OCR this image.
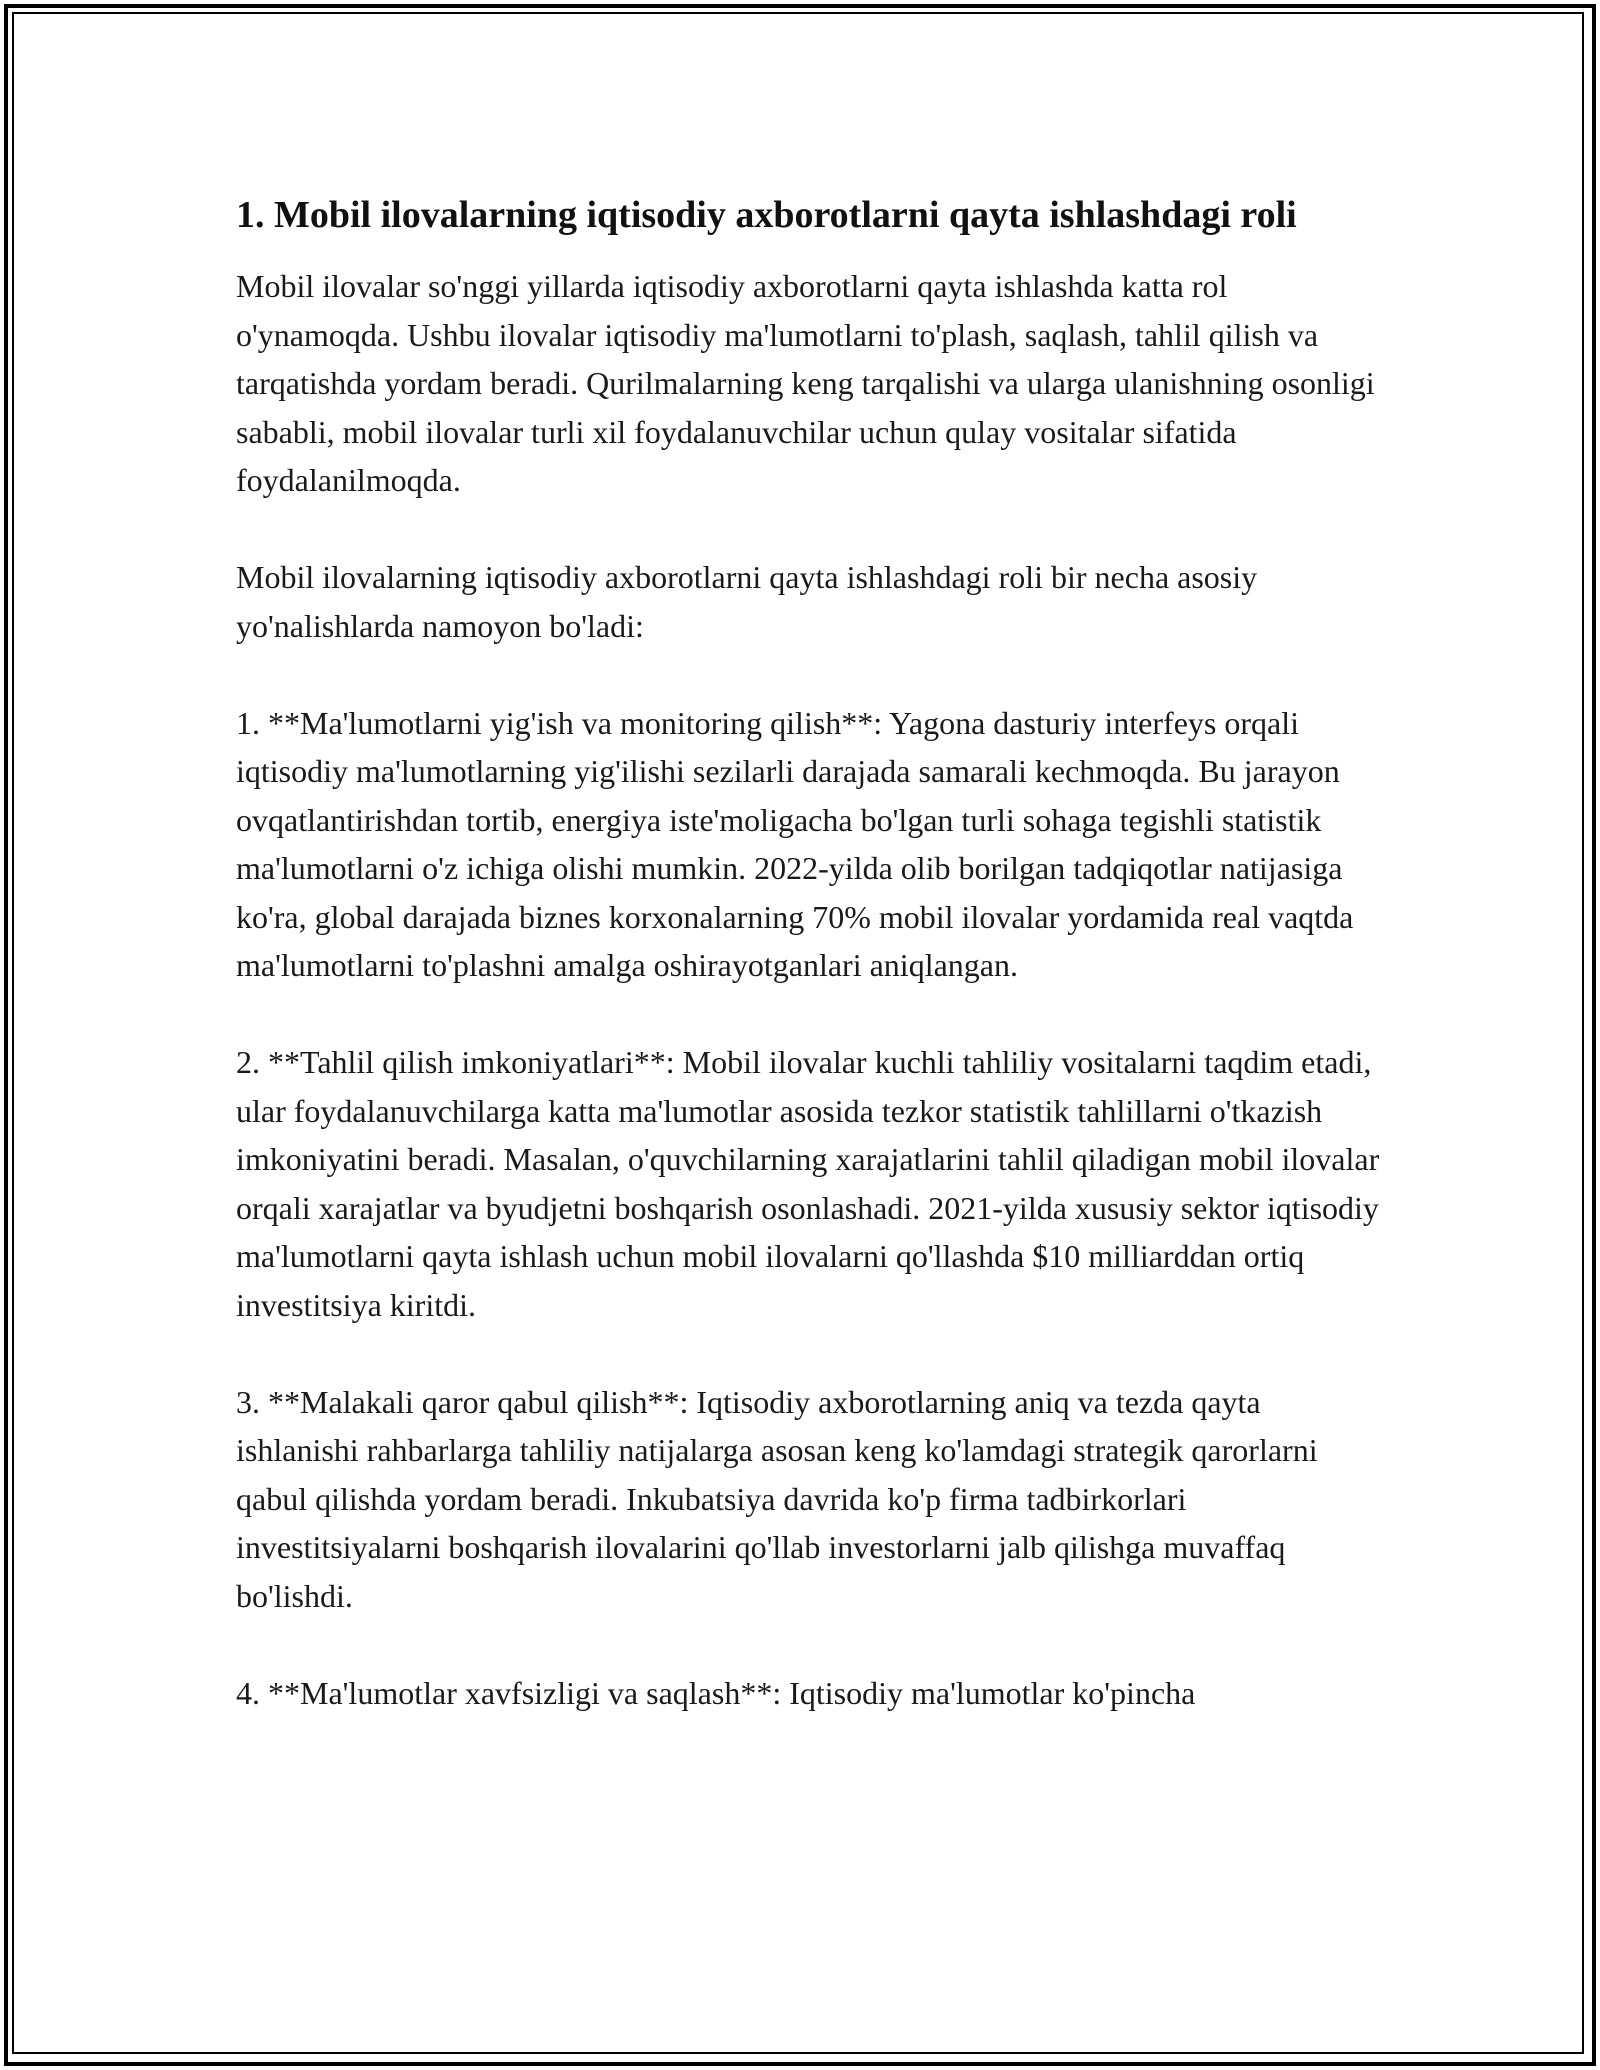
1. Mobil ilovalarning iqtisodiy axborotlarni qayta ishlashdagi roli

Mobil ilovalar so'nggi yillarda iqtisodiy axborotlarni qayta ishlashda katta rol o'ynamoqda. Ushbu ilovalar iqtisodiy ma'lumotlarni to'plash, saqlash, tahlil qilish va tarqatishda yordam beradi. Qurilmalarning keng tarqalishi va ularga ulanishning osonligi sababli, mobil ilovalar turli xil foydalanuvchilar uchun qulay vositalar sifatida foydalanilmoqda.

Mobil ilovalarning iqtisodiy axborotlarni qayta ishlashdagi roli bir necha asosiy yo'nalishlarda namoyon bo'ladi:

1. **Ma'lumotlarni yig'ish va monitoring qilish**: Yagona dasturiy interfeys orqali iqtisodiy ma'lumotlarning yig'ilishi sezilarli darajada samarali kechmoqda. Bu jarayon ovqatlantirishdan tortib, energiya iste'moligacha bo'lgan turli sohaga tegishli statistik ma'lumotlarni o'z ichiga olishi mumkin. 2022-yilda olib borilgan tadqiqotlar natijasiga ko'ra, global darajada biznes korxonalarning 70% mobil ilovalar yordamida real vaqtda ma'lumotlarni to'plashni amalga oshirayotganlari aniqlangan.

2. **Tahlil qilish imkoniyatlari**: Mobil ilovalar kuchli tahliliy vositalarni taqdim etadi, ular foydalanuvchilarga katta ma'lumotlar asosida tezkor statistik tahlillarni o'tkazish imkoniyatini beradi. Masalan, o'quvchilarning xarajatlarini tahlil qiladigan mobil ilovalar orqali xarajatlar va byudjetni boshqarish osonlashadi. 2021-yilda xususiy sektor iqtisodiy ma'lumotlarni qayta ishlash uchun mobil ilovalarni qo'llashda $10 milliarddan ortiq investitsiya kiritdi.

3. **Malakali qaror qabul qilish**: Iqtisodiy axborotlarning aniq va tezda qayta ishlanishi rahbarlarga tahliliy natijalarga asosan keng ko'lamdagi strategik qarorlarni qabul qilishda yordam beradi. Inkubatsiya davrida ko'p firma tadbirkorlari investitsiyalarni boshqarish ilovalarini qo'llab investorlarni jalb qilishga muvaffaq bo'lishdi.

4. **Ma'lumotlar xavfsizligi va saqlash**: Iqtisodiy ma'lumotlar ko'pincha
